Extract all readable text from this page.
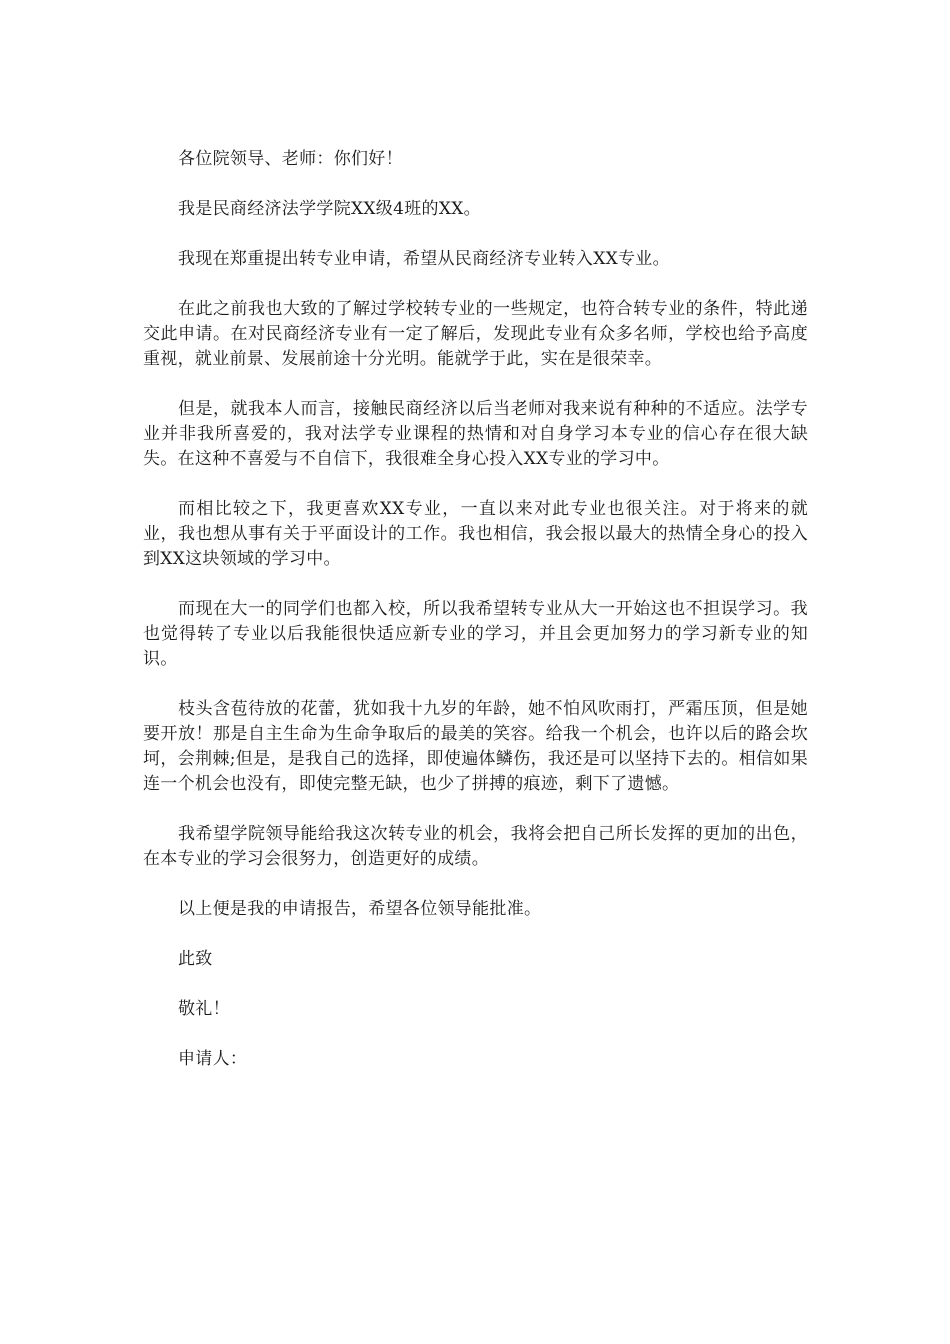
各位院领导、老师：你们好！

我是民商经济法学学院XX级4班的XX。

我现在郑重提出转专业申请，希望从民商经济专业转入XX专业。

在此之前我也大致的了解过学校转专业的一些规定，也符合转专业的条件，特此递交此申请。在对民商经济专业有一定了解后，发现此专业有众多名师，学校也给予高度重视，就业前景、发展前途十分光明。能就学于此，实在是很荣幸。

但是，就我本人而言，接触民商经济以后当老师对我来说有种种的不适应。法学专业并非我所喜爱的，我对法学专业课程的热情和对自身学习本专业的信心存在很大缺失。在这种不喜爱与不自信下，我很难全身心投入XX专业的学习中。

而相比较之下，我更喜欢XX专业，一直以来对此专业也很关注。对于将来的就业，我也想从事有关于平面设计的工作。我也相信，我会报以最大的热情全身心的投入到XX这块领域的学习中。

而现在大一的同学们也都入校，所以我希望转专业从大一开始这也不担误学习。我也觉得转了专业以后我能很快适应新专业的学习，并且会更加努力的学习新专业的知识。

枝头含苞待放的花蕾，犹如我十九岁的年龄，她不怕风吹雨打，严霜压顶，但是她要开放！那是自主生命为生命争取后的最美的笑容。给我一个机会，也许以后的路会坎坷，会荆棘;但是，是我自己的选择，即使遍体鳞伤，我还是可以坚持下去的。相信如果连一个机会也没有，即使完整无缺，也少了拼搏的痕迹，剩下了遗憾。

我希望学院领导能给我这次转专业的机会，我将会把自己所长发挥的更加的出色，在本专业的学习会很努力，创造更好的成绩。

以上便是我的申请报告，希望各位领导能批准。

此致

敬礼！

申请人：
